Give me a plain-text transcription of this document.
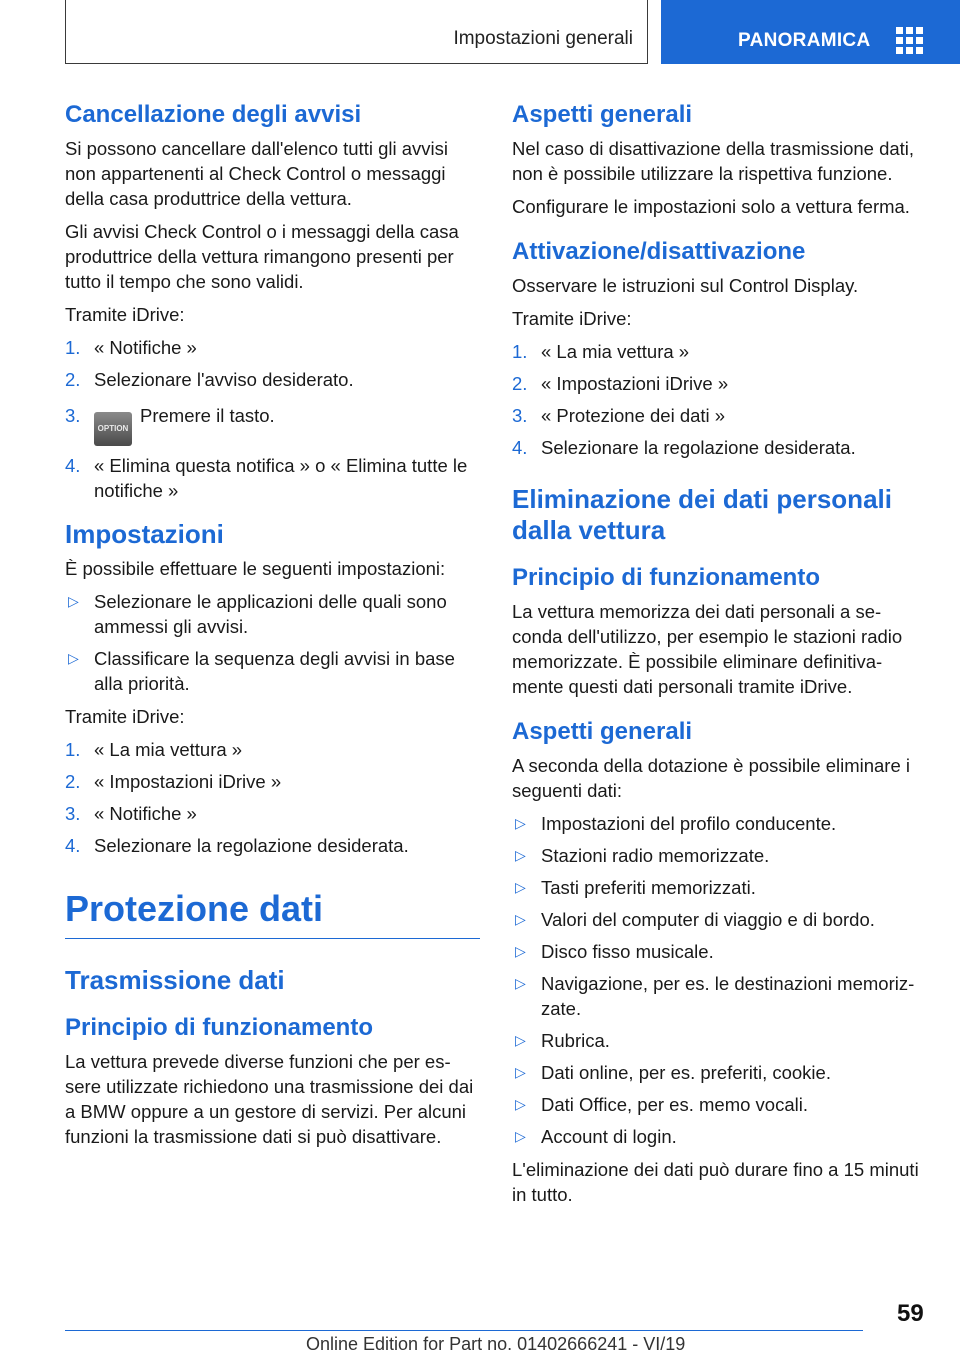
Impostazioni generali	PANORAMICA
Cancellazione degli avvisi

Si possono cancellare dall'elenco tutti gli avvisi non appartenenti al Check Control o messaggi della casa produttrice della vettura.

Gli avvisi Check Control o i messaggi della casa produttrice della vettura rimangono presenti per tutto il tempo che sono validi.

Tramite iDrive:

1. « Notifiche »
2. Selezionare l'avviso desiderato.
3.
OPTIONPremere il tasto.
4. « Elimina questa notifica » o « Elimina tutte le notifiche »
Impostazioni

È possibile effettuare le seguenti impostazioni:

▷ Selezionare le applicazioni delle quali sono ammessi gli avvisi.
▷ Classificare la sequenza degli avvisi in base alla priorità.

Tramite iDrive:

1. « La mia vettura »
2. « Impostazioni iDrive »
3. « Notifiche »
4. Selezionare la regolazione desiderata.
Protezione dati
Trasmissione dati
Principio di funzionamento

La vettura prevede diverse funzioni che per essere utilizzate richiedono una trasmissione dei dai a BMW oppure a un gestore di servizi. Per alcuni funzioni la trasmissione dati si può disattivare.

Aspetti generali

Nel caso di disattivazione della trasmissione dati, non è possibile utilizzare la rispettiva funzione.

Configurare le impostazioni solo a vettura ferma.

Attivazione/disattivazione

Osservare le istruzioni sul Control Display.

Tramite iDrive:

1. « La mia vettura »
2. « Impostazioni iDrive »
3. « Protezione dei dati »
4. Selezionare la regolazione desiderata.
Eliminazione dei dati personali dalla vettura
Principio di funzionamento

La vettura memorizza dei dati personali a seconda dell'utilizzo, per esempio le stazioni radio memorizzate. È possibile eliminare definitivamente questi dati personali tramite iDrive.

Aspetti generali

A seconda della dotazione è possibile eliminare i seguenti dati:

▷ Impostazioni del profilo conducente.
▷ Stazioni radio memorizzate.
▷ Tasti preferiti memorizzati.
▷ Valori del computer di viaggio e di bordo.
▷ Disco fisso musicale.
▷ Navigazione, per es. le destinazioni memorizzate.
▷ Rubrica.
▷ Dati online, per es. preferiti, cookie.
▷ Dati Office, per es. memo vocali.
▷ Account di login.

L'eliminazione dei dati può durare fino a 15 minuti in tutto.

59
Online Edition for Part no. 01402666241 - VI/19
